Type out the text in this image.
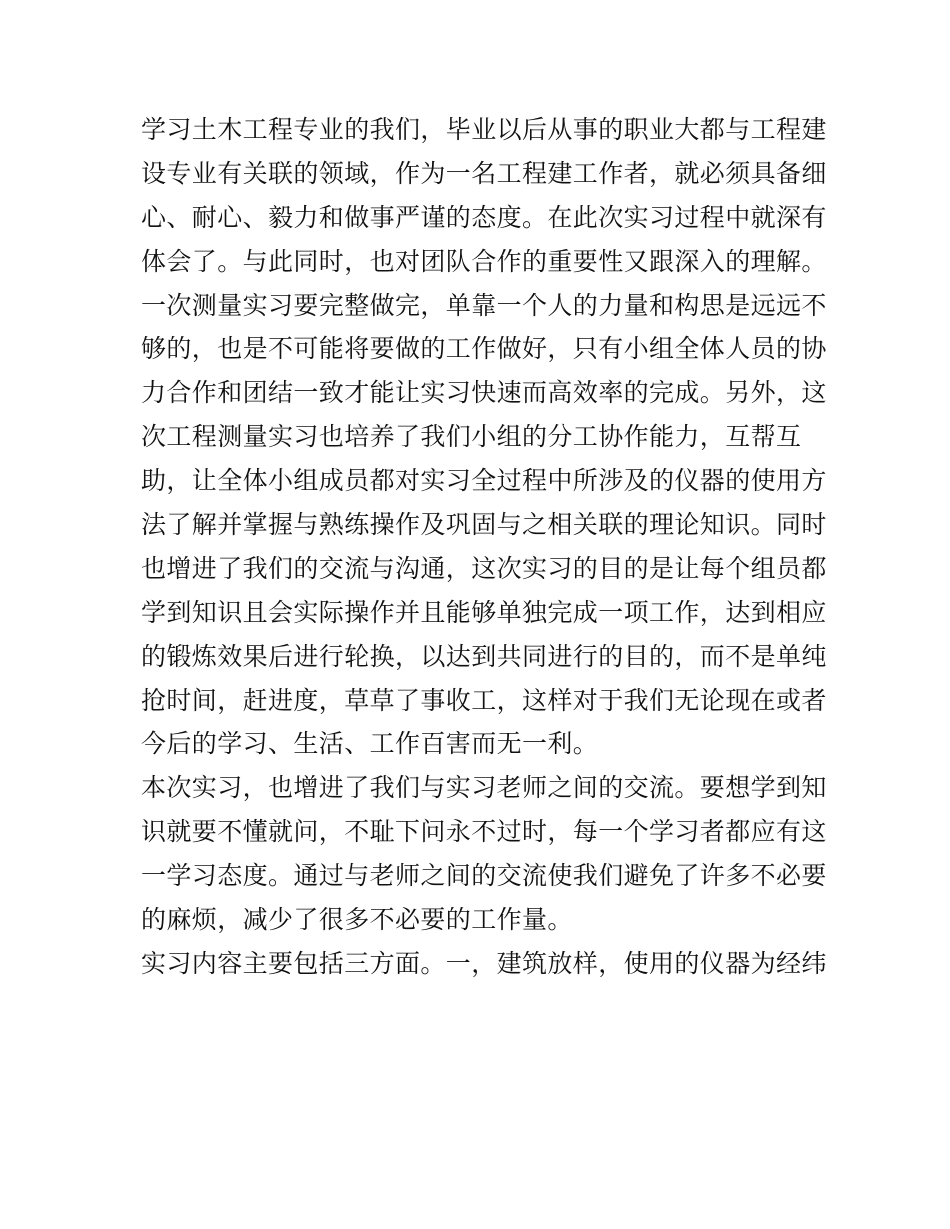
学习土木工程专业的我们，毕业以后从事的职业大都与工程建
设专业有关联的领域，作为一名工程建工作者，就必须具备细
心、耐心、毅力和做事严谨的态度。在此次实习过程中就深有
体会了。与此同时，也对团队合作的重要性又跟深入的理解。
一次测量实习要完整做完，单靠一个人的力量和构思是远远不
够的，也是不可能将要做的工作做好，只有小组全体人员的协
力合作和团结一致才能让实习快速而高效率的完成。另外，这
次工程测量实习也培养了我们小组的分工协作能力，互帮互
助，让全体小组成员都对实习全过程中所涉及的仪器的使用方
法了解并掌握与熟练操作及巩固与之相关联的理论知识。同时
也增进了我们的交流与沟通，这次实习的目的是让每个组员都
学到知识且会实际操作并且能够单独完成一项工作，达到相应
的锻炼效果后进行轮换，以达到共同进行的目的，而不是单纯
抢时间，赶进度，草草了事收工，这样对于我们无论现在或者
今后的学习、生活、工作百害而无一利。
本次实习，也增进了我们与实习老师之间的交流。要想学到知
识就要不懂就问，不耻下问永不过时，每一个学习者都应有这
一学习态度。通过与老师之间的交流使我们避免了许多不必要
的麻烦，减少了很多不必要的工作量。
实习内容主要包括三方面。一，建筑放样，使用的仪器为经纬
